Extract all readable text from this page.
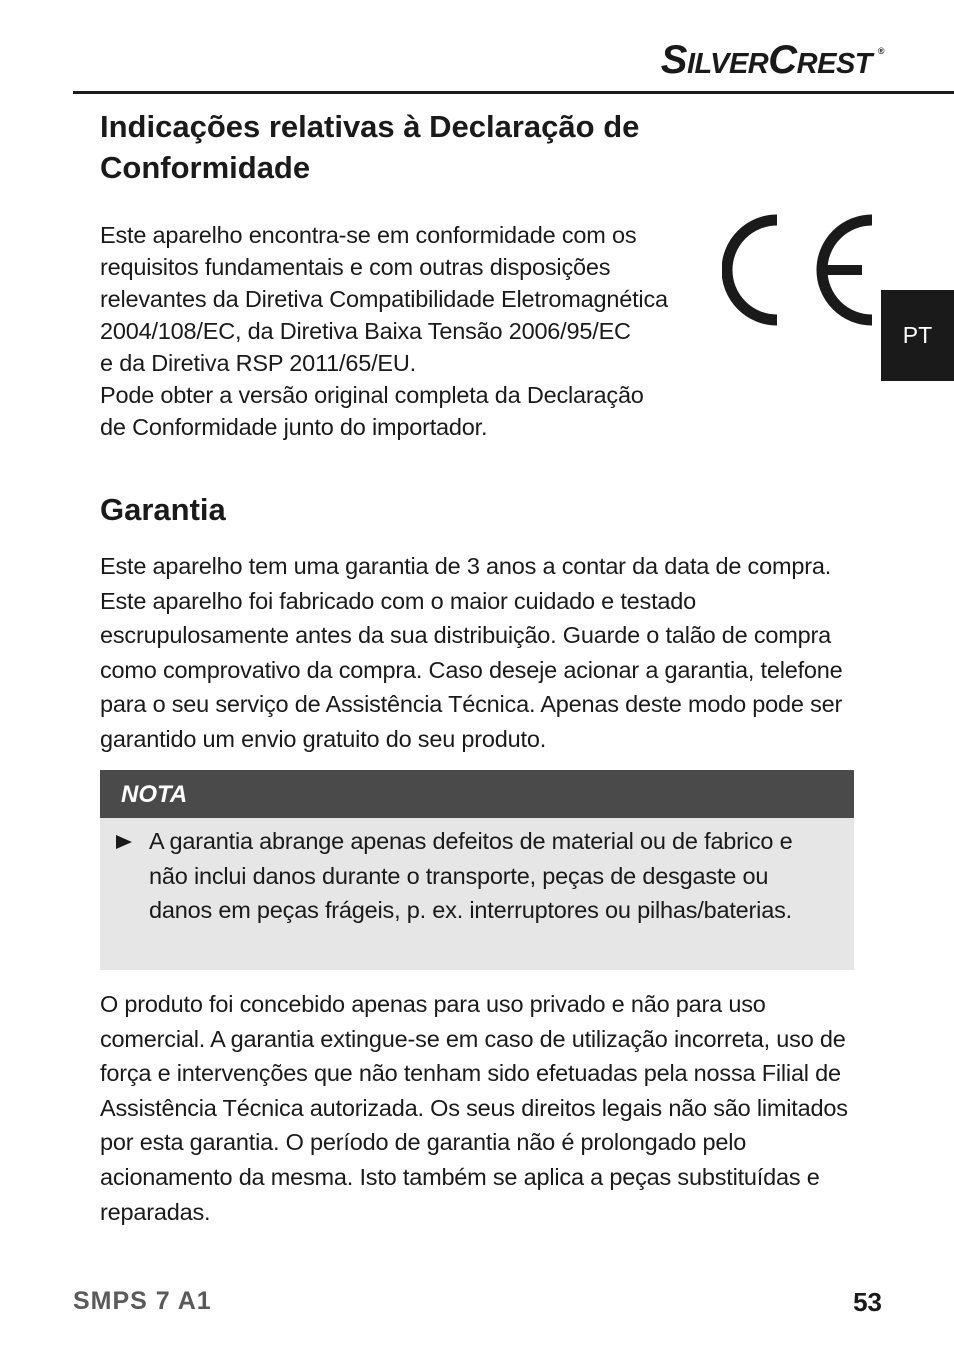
SILVERCREST ®
Indicações relativas à Declaração de Conformidade

Este aparelho encontra-se em conformidade com os
requisitos fundamentais e com outras disposições
relevantes da Diretiva Compatibilidade Eletromagnética
2004/108/EC, da Diretiva Baixa Tensão 2006/95/EC
e da Diretiva RSP 2011/65/EU.
Pode obter a versão original completa da Declaração
de Conformidade junto do importador.

PT
Garantia

Este aparelho tem uma garantia de 3 anos a contar da data de compra. Este aparelho foi fabricado com o maior cuidado e testado escrupulosamente antes da sua distribuição. Guarde o talão de compra como comprovativo da compra. Caso deseje acionar a garantia, telefone para o seu serviço de Assistência Técnica. Apenas deste modo pode ser garantido um envio gratuito do seu produto.

NOTA

A garantia abrange apenas defeitos de material ou de fabrico e não inclui danos durante o transporte, peças de desgaste ou danos em peças frágeis, p. ex. interruptores ou pilhas/baterias.

O produto foi concebido apenas para uso privado e não para uso comercial. A garantia extingue-se em caso de utilização incorreta, uso de força e intervenções que não tenham sido efetuadas pela nossa Filial de Assistência Técnica autorizada. Os seus direitos legais não são limitados por esta garantia. O período de garantia não é prolongado pelo acionamento da mesma. Isto também se aplica a peças substituídas e reparadas.

SMPS 7 A1	53
